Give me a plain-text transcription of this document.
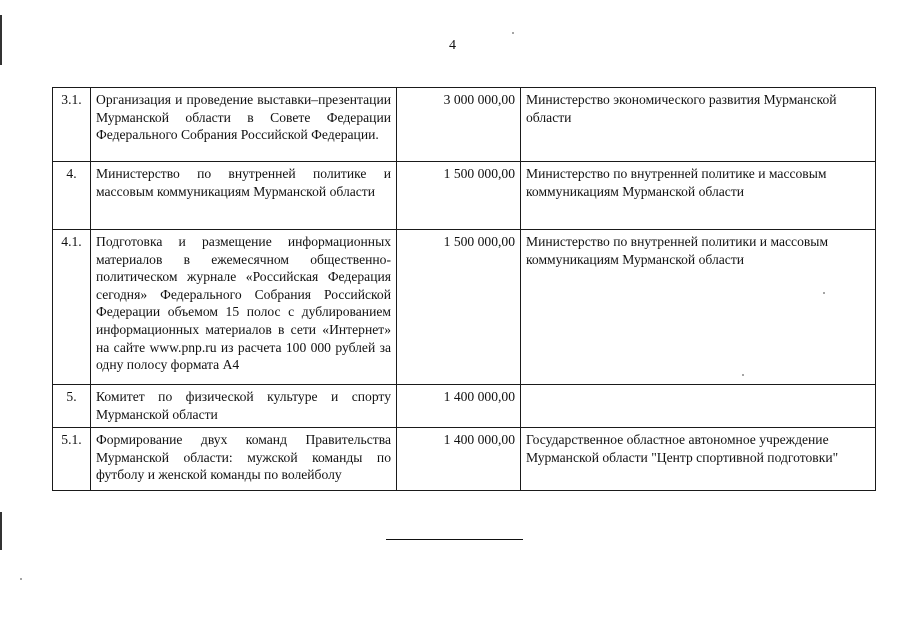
4
3.1.	Организация и проведение выставки–презентации Мурманской области в Совете Федерации Федерального Собрания Российской Федерации.	3 000 000,00	Министерство экономического развития Мурманской области
4.	Министерство по внутренней политике и массовым коммуникациям Мурманской области	1 500 000,00	Министерство по внутренней политике и массовым коммуникациям Мурманской области
4.1.	Подготовка и размещение информационных материалов в ежемесячном общественно-политическом журнале «Российская Федерация сегодня» Федерального Собрания Российской Федерации объемом 15 полос с дублированием информационных материалов в сети «Интернет» на сайте www.pnp.ru из расчета 100 000 рублей за одну полосу формата А4	1 500 000,00	Министерство по внутренней политики и массовым коммуникациям Мурманской области
5.	Комитет по физической культуре и спорту Мурманской области	1 400 000,00	
5.1.	Формирование двух команд Правительства Мурманской области: мужской команды по футболу и женской команды по волейболу	1 400 000,00	Государственное областное автономное учреждение Мурманской области "Центр спортивной подготовки"
